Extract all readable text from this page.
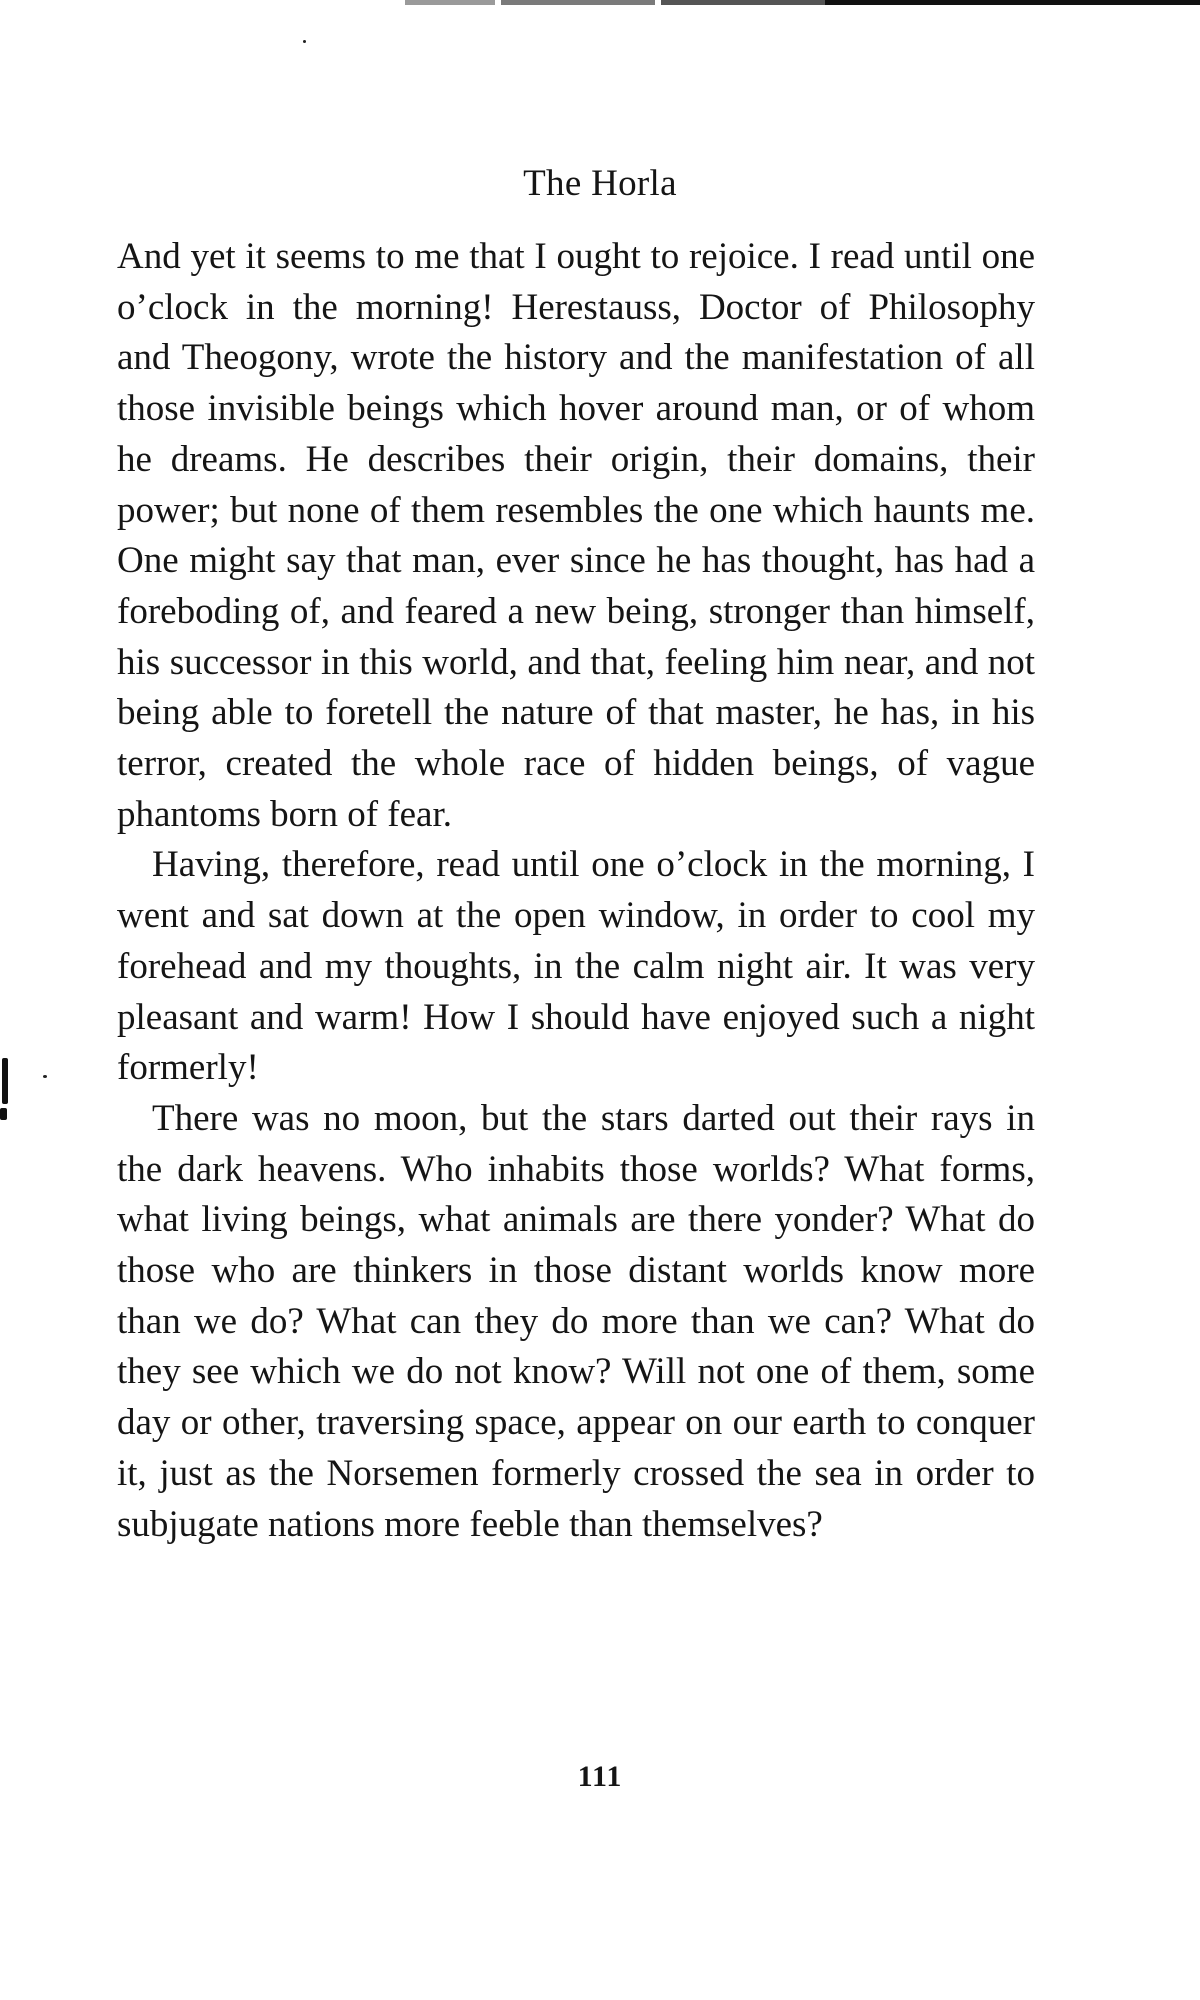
The Horla

And yet it seems to me that I ought to rejoice. I read until one o’clock in the morning! Herestauss, Doctor of Philosophy and Theogony, wrote the history and the manifestation of all those invisible beings which hover around man, or of whom he dreams. He describes their origin, their domains, their power; but none of them resembles the one which haunts me. One might say that man, ever since he has thought, has had a foreboding of, and feared a new being, stronger than himself, his successor in this world, and that, feeling him near, and not being able to foretell the nature of that master, he has, in his terror, created the whole race of hidden beings, of vague phantoms born of fear.

Having, therefore, read until one o’clock in the morning, I went and sat down at the open window, in order to cool my forehead and my thoughts, in the calm night air. It was very pleasant and warm! How I should have enjoyed such a night formerly!

There was no moon, but the stars darted out their rays in the dark heavens. Who inhabits those worlds? What forms, what living beings, what animals are there yonder? What do those who are thinkers in those distant worlds know more than we do? What can they do more than we can? What do they see which we do not know? Will not one of them, some day or other, traversing space, appear on our earth to conquer it, just as the Norsemen formerly crossed the sea in order to subjugate nations more feeble than themselves?

111
